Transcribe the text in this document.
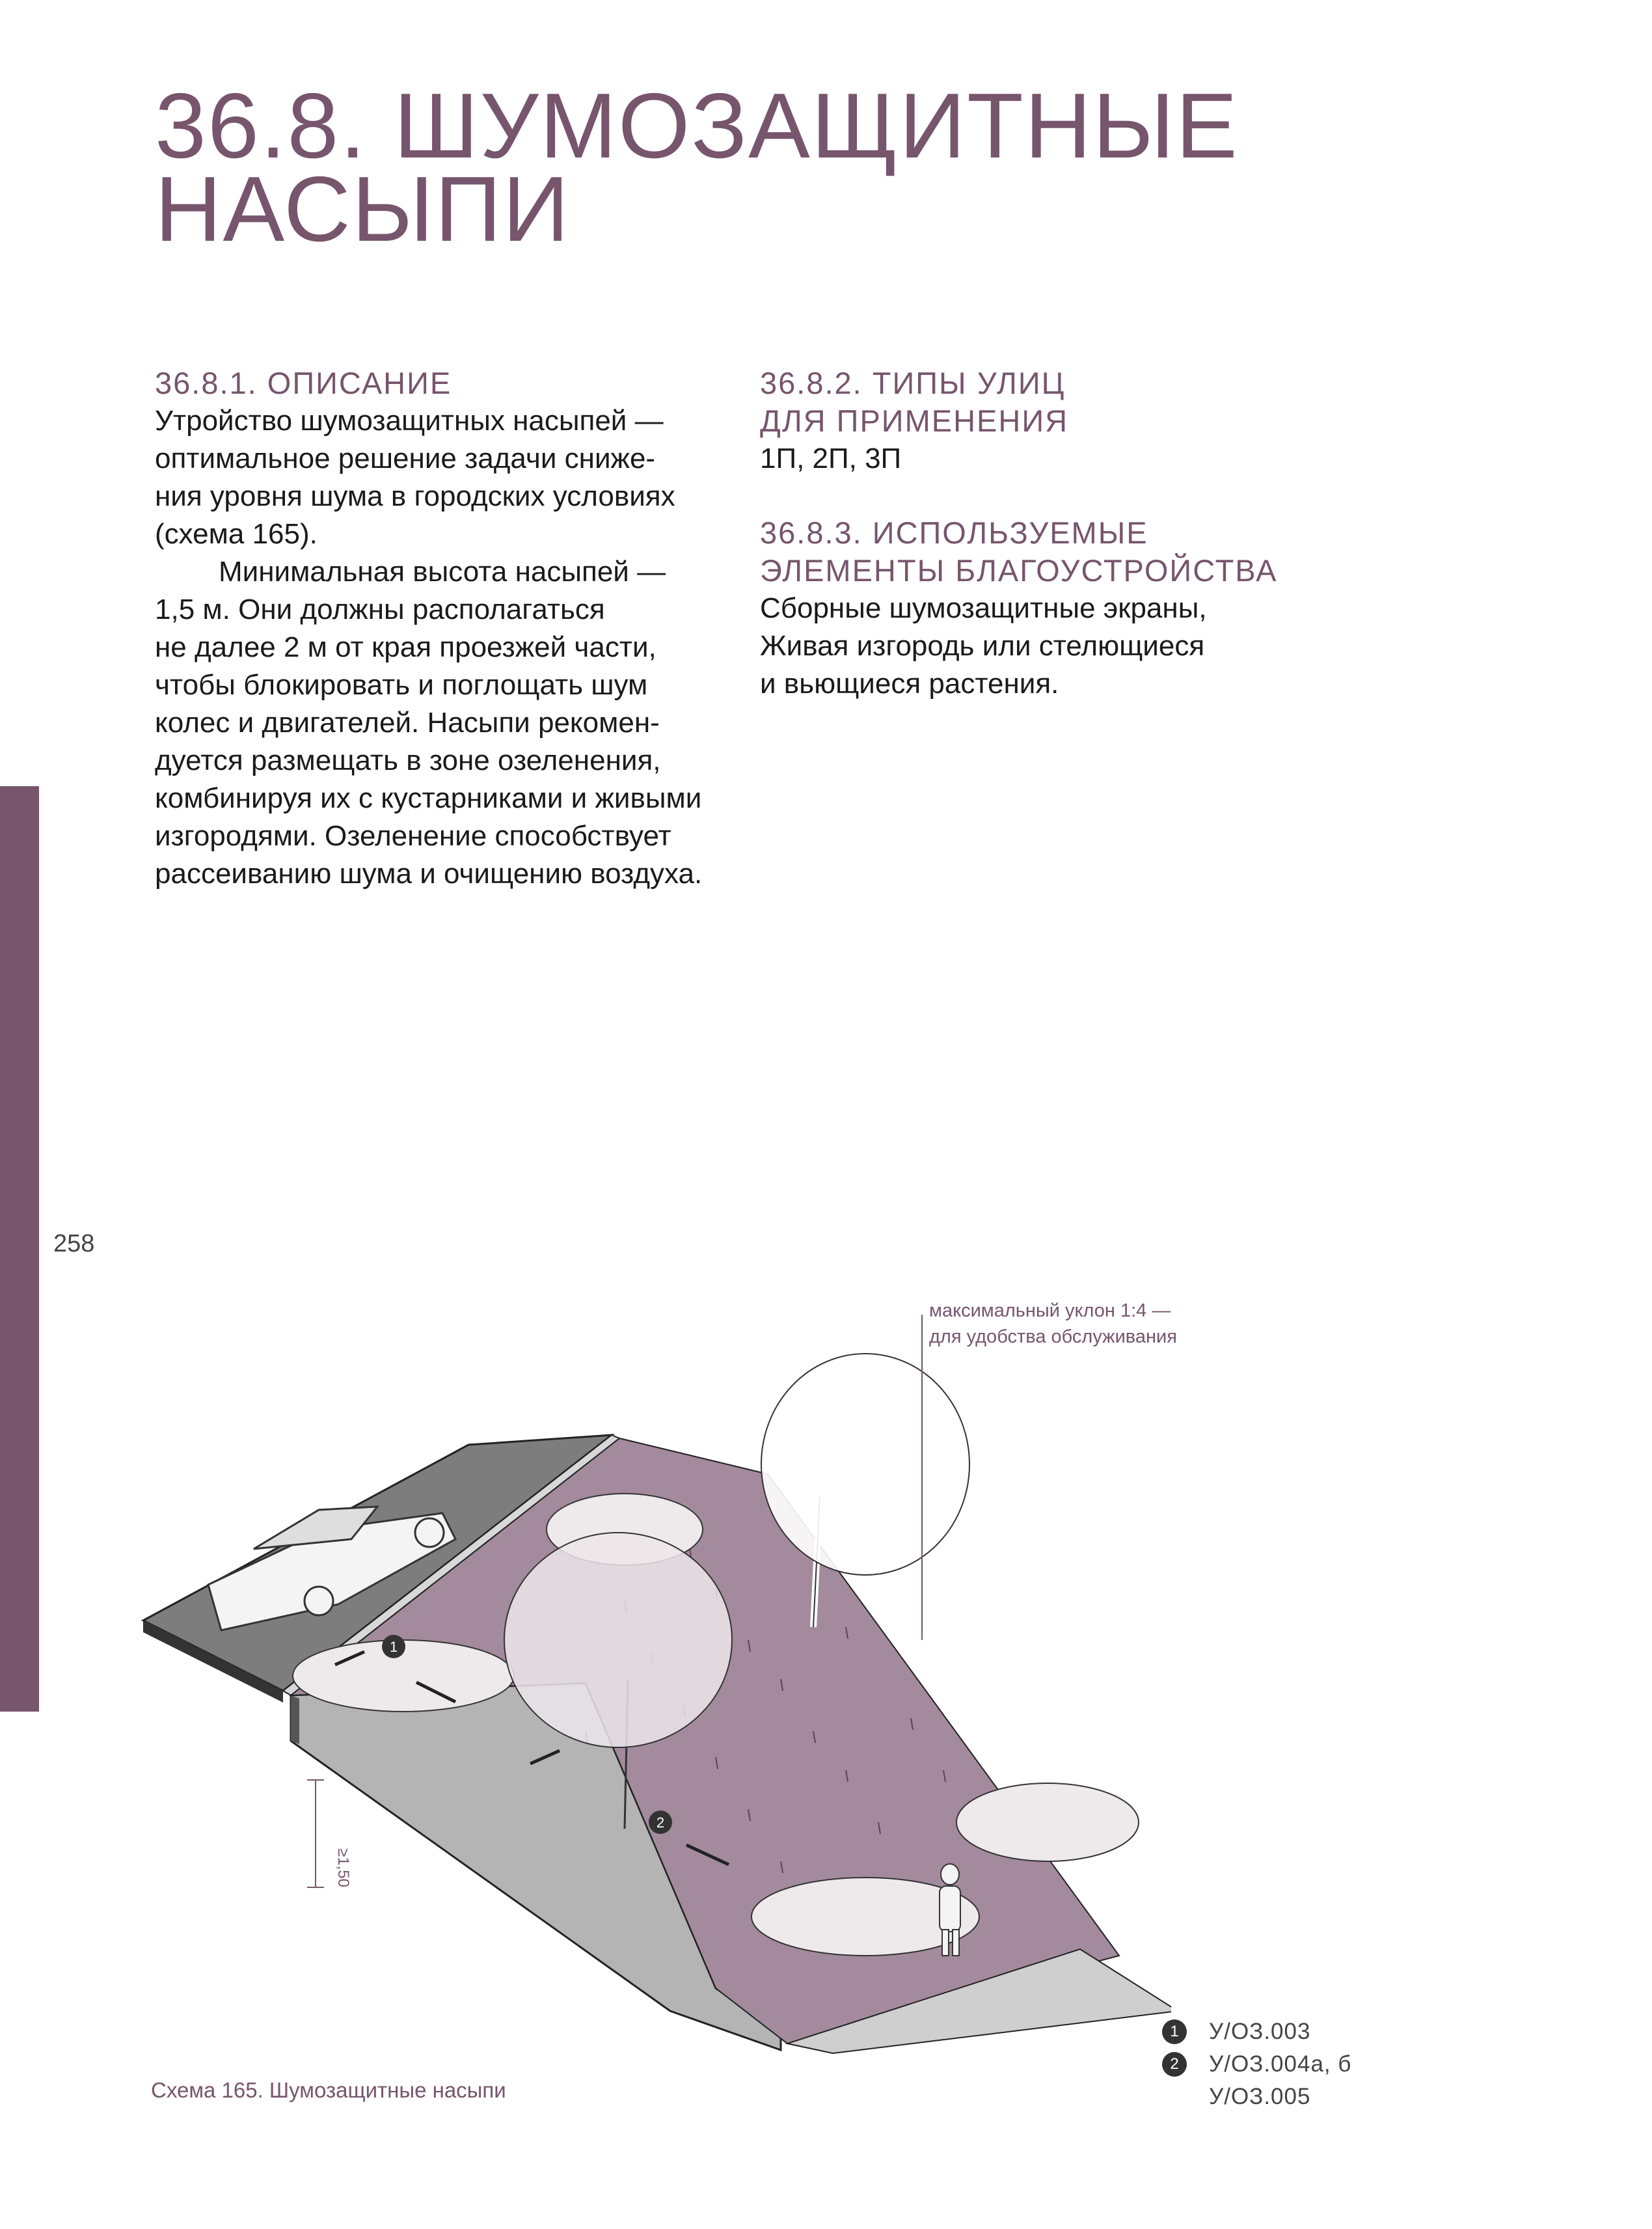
36.8. ШУМОЗАЩИТНЫЕ
НАСЫПИ
36.8.1. ОПИСАНИЕ

Утройство шумозащитных насыпей —

оптимальное решение задачи сниже-

ния уровня шума в городских условиях

(схема 165).

Минимальная высота насыпей —

1,5 м. Они должны располагаться

не далее 2 м от края проезжей части,

чтобы блокировать и поглощать шум

колес и двигателей. Насыпи рекомен-

дуется размещать в зоне озеленения,

комбинируя их с кустарниками и живыми

изгородями. Озеленение способствует

рассеиванию шума и очищению воздуха.

36.8.2. ТИПЫ УЛИЦ
ДЛЯ ПРИМЕНЕНИЯ
1П, 2П, 3П
36.8.3. ИСПОЛЬЗУЕМЫЕ
ЭЛЕМЕНТЫ БЛАГОУСТРОЙСТВА

Сборные шумозащитные экраны,

Живая изгородь или стелющиеся

и вьющиеся растения.

258
максимальный уклон 1:4 —
для удобства обслуживания
1
2
≥1,50
Схема 165. Шумозащитные насыпи
1	У/ОЗ.003
2	У/ОЗ.004а, б
У/ОЗ.005
